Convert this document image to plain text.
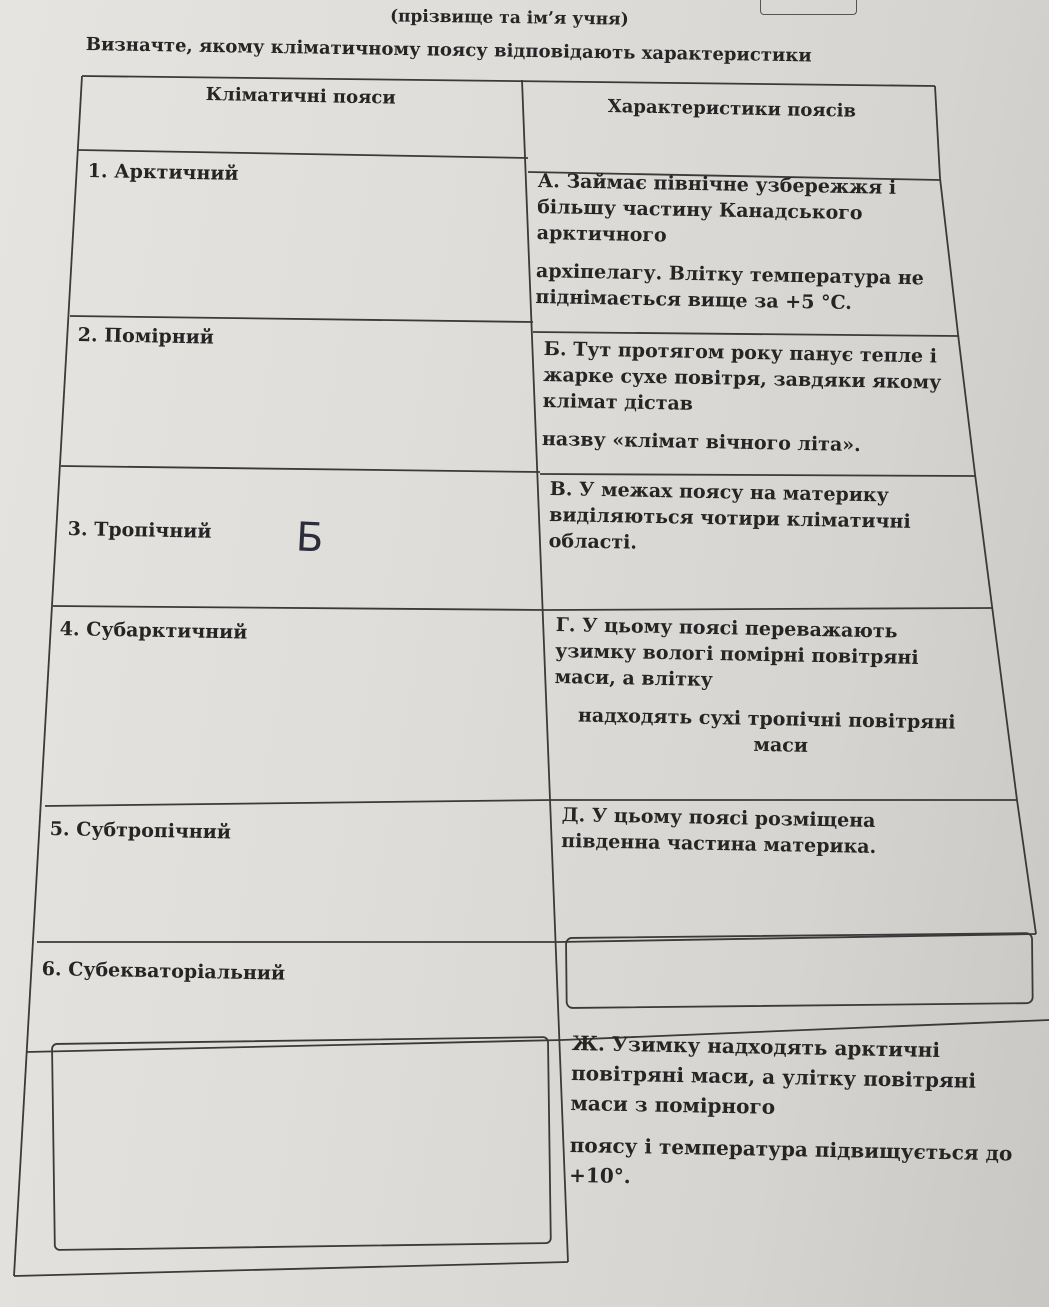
(прізвище та ім’я учня)
Визначте, якому кліматичному поясу відповідають характеристики
Кліматичні пояси	Характеристики поясів
1. Арктичний
2. Помірний
3. Тропічний
4. Субарктичний
5. Субтропічний
6. Субекваторіальний
Б
А. Займає північне узбережжя і
більшу частину Канадського
арктичного
архіпелагу. Влітку температура не
піднімається вище за +5 °C.
Б. Тут протягом року панує тепле і
жарке сухе повітря, завдяки якому
клімат дістав
назву «клімат вічного літа».
В. У межах поясу на материку
виділяються чотири кліматичні
області.
Г. У цьому поясі переважають
узимку вологі помірні повітряні
маси, а влітку
надходять сухі тропічні повітряні
маси
Д. У цьому поясі розміщена
південна частина материка.
Ж. Узимку надходять арктичні
повітряні маси, а улітку повітряні
маси з помірного
поясу і температура підвищується до
+10°.
